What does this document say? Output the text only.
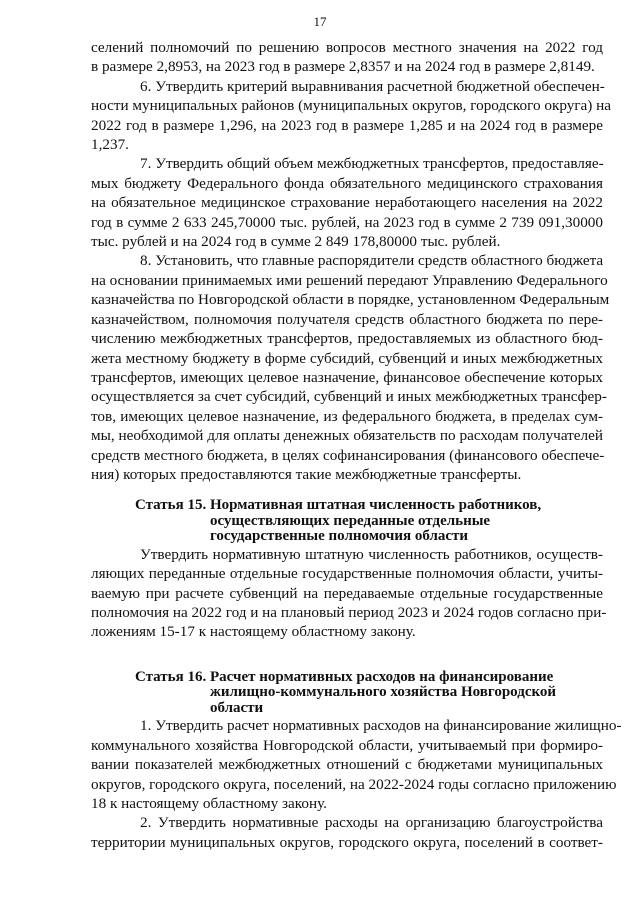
17

селений полномочий по решению вопросов местного значения на 2022 год

в размере 2,8953, на 2023 год в размере 2,8357 и на 2024 год в размере 2,8149.

6. Утвердить критерий выравнивания расчетной бюджетной обеспечен-

ности муниципальных районов (муниципальных округов, городского округа) на

2022 год в размере 1,296, на 2023 год в размере 1,285 и на 2024 год в размере

1,237.

7. Утвердить общий объем межбюджетных трансфертов, предоставляе-

мых бюджету Федерального фонда обязательного медицинского страхования

на обязательное медицинское страхование неработающего населения на 2022

год в сумме 2 633 245,70000 тыс. рублей, на 2023 год в сумме 2 739 091,30000

тыс. рублей и на 2024 год в сумме 2 849 178,80000 тыс. рублей.

8. Установить, что главные распорядители средств областного бюджета

на основании принимаемых ими решений передают Управлению Федерального

казначейства по Новгородской области в порядке, установленном Федеральным

казначейством, полномочия получателя средств областного бюджета по пере-

числению межбюджетных трансфертов, предоставляемых из областного бюд-

жета местному бюджету в форме субсидий, субвенций и иных межбюджетных

трансфертов, имеющих целевое назначение, финансовое обеспечение которых

осуществляется за счет субсидий, субвенций и иных межбюджетных трансфер-

тов, имеющих целевое назначение, из федерального бюджета, в пределах сум-

мы, необходимой для оплаты денежных обязательств по расходам получателей

средств местного бюджета, в целях софинансирования (финансового обеспече-

ния) которых предоставляются такие межбюджетные трансферты.

Статья 15. Нормативная штатная численность работников,
осуществляющих переданные отдельные
государственные полномочия области

Утвердить нормативную штатную численность работников, осуществ-

ляющих переданные отдельные государственные полномочия области, учиты-

ваемую при расчете субвенций на передаваемые отдельные государственные

полномочия на 2022 год и на плановый период 2023 и 2024 годов согласно при-

ложениям 15-17 к настоящему областному закону.

Статья 16. Расчет нормативных расходов на финансирование
жилищно-коммунального хозяйства Новгородской
области

1. Утвердить расчет нормативных расходов на финансирование жилищно-

коммунального хозяйства Новгородской области, учитываемый при формиро-

вании показателей межбюджетных отношений с бюджетами муниципальных

округов, городского округа, поселений, на 2022-2024 годы согласно приложению

18 к настоящему областному закону.

2. Утвердить нормативные расходы на организацию благоустройства

территории муниципальных округов, городского округа, поселений в соответ-
